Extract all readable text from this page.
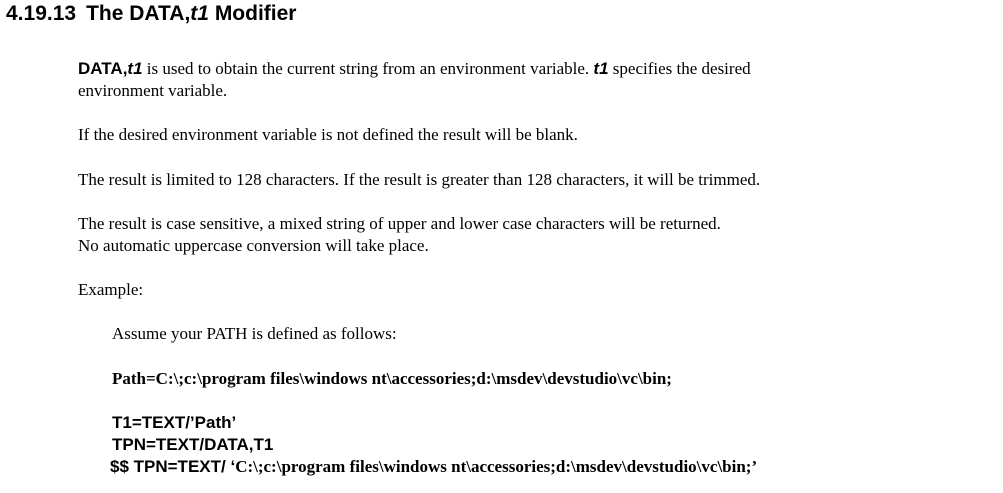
4.19.13 The DATA,t1 Modifier
DATA,t1 is used to obtain the current string from an environment variable. t1 specifies the desired
environment variable.
If the desired environment variable is not defined the result will be blank.
The result is limited to 128 characters. If the result is greater than 128 characters, it will be trimmed.
The result is case sensitive, a mixed string of upper and lower case characters will be returned.
No automatic uppercase conversion will take place.
Example:
Assume your PATH is defined as follows:
Path=C:\;c:\program files\windows nt\accessories;d:\msdev\devstudio\vc\bin;
T1=TEXT/’Path’
TPN=TEXT/DATA,T1
$$ TPN=TEXT/ ‘C:\;c:\program files\windows nt\accessories;d:\msdev\devstudio\vc\bin;’
